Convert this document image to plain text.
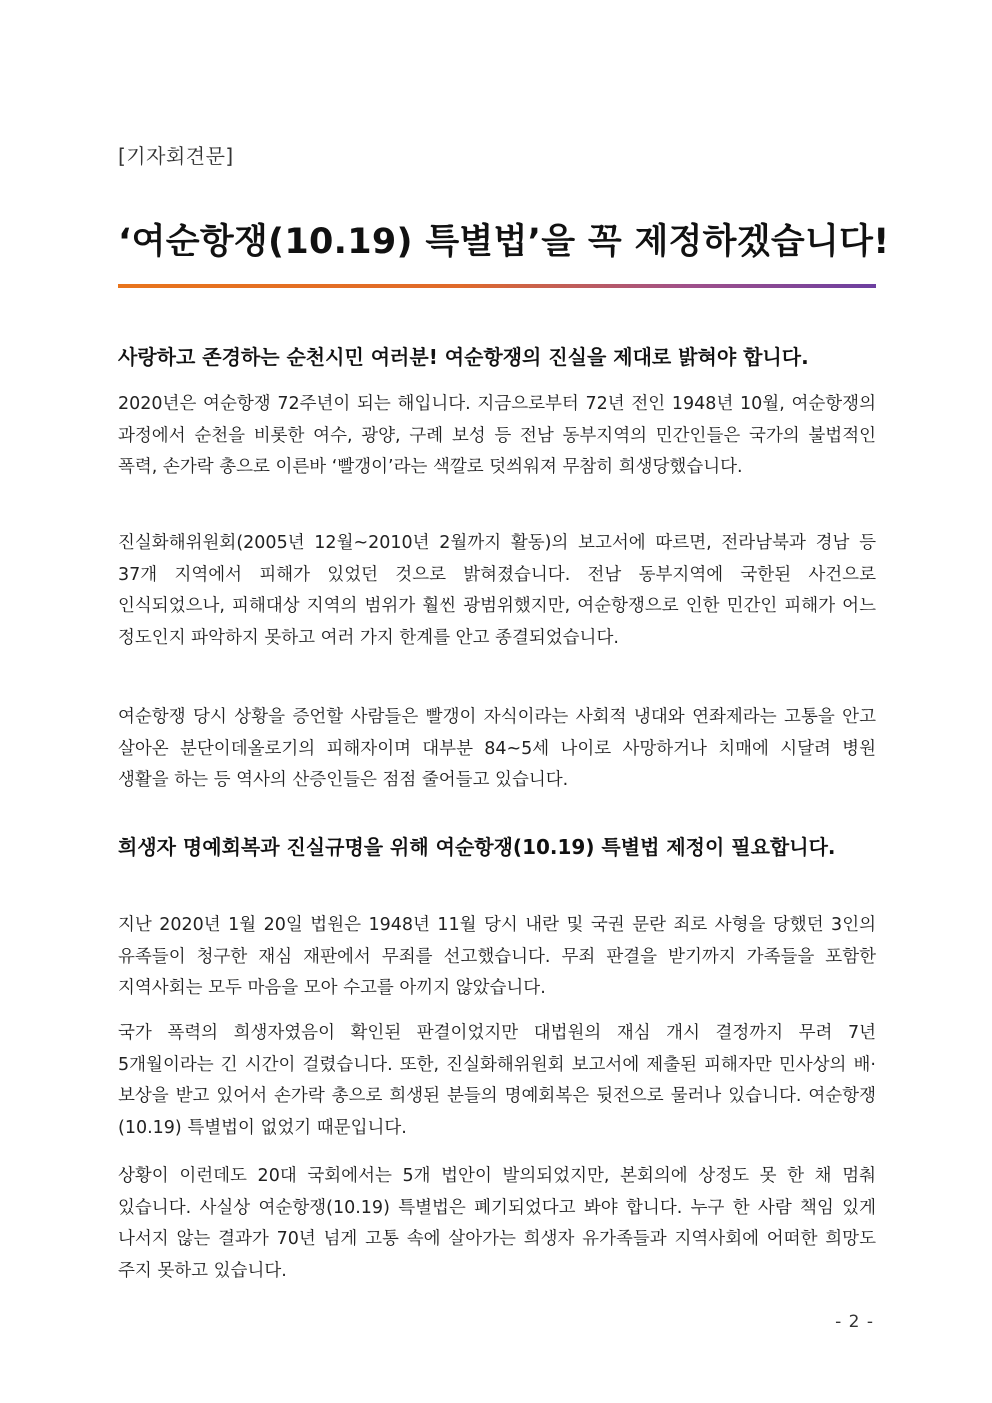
[기자회견문]
‘여순항쟁(10.19) 특별법’을 꼭 제정하겠습니다!
사랑하고 존경하는 순천시민 여러분! 여순항쟁의 진실을 제대로 밝혀야 합니다.
2020년은 여순항쟁 72주년이 되는 해입니다. 지금으로부터 72년 전인 1948년 10월, 여순항쟁의 과정에서 순천을 비롯한 여수, 광양, 구례 보성 등 전남 동부지역의 민간인들은 국가의 불법적인 폭력, 손가락 총으로 이른바 ‘빨갱이’라는 색깔로 덧씌워져 무참히 희생당했습니다.
진실화해위원회(2005년 12월~2010년 2월까지 활동)의 보고서에 따르면, 전라남북과 경남 등 37개 지역에서 피해가 있었던 것으로 밝혀졌습니다. 전남 동부지역에 국한된 사건으로 인식되었으나, 피해대상 지역의 범위가 훨씬 광범위했지만, 여순항쟁으로 인한 민간인 피해가 어느 정도인지 파악하지 못하고 여러 가지 한계를 안고 종결되었습니다.
여순항쟁 당시 상황을 증언할 사람들은 빨갱이 자식이라는 사회적 냉대와 연좌제라는 고통을 안고 살아온 분단이데올로기의 피해자이며 대부분 84~5세 나이로 사망하거나 치매에 시달려 병원 생활을 하는 등 역사의 산증인들은 점점 줄어들고 있습니다.
희생자 명예회복과 진실규명을 위해 여순항쟁(10.19) 특별법 제정이 필요합니다.
지난 2020년 1월 20일 법원은 1948년 11월 당시 내란 및 국권 문란 죄로 사형을 당했던 3인의 유족들이 청구한 재심 재판에서 무죄를 선고했습니다. 무죄 판결을 받기까지 가족들을 포함한 지역사회는 모두 마음을 모아 수고를 아끼지 않았습니다.
국가 폭력의 희생자였음이 확인된 판결이었지만 대법원의 재심 개시 결정까지 무려 7년 5개월이라는 긴 시간이 걸렸습니다. 또한, 진실화해위원회 보고서에 제출된 피해자만 민사상의 배·보상을 받고 있어서 손가락 총으로 희생된 분들의 명예회복은 뒷전으로 물러나 있습니다. 여순항쟁(10.19) 특별법이 없었기 때문입니다.
상황이 이런데도 20대 국회에서는 5개 법안이 발의되었지만, 본회의에 상정도 못 한 채 멈춰 있습니다. 사실상 여순항쟁(10.19) 특별법은 폐기되었다고 봐야 합니다. 누구 한 사람 책임 있게 나서지 않는 결과가 70년 넘게 고통 속에 살아가는 희생자 유가족들과 지역사회에 어떠한 희망도 주지 못하고 있습니다.
- 2 -
